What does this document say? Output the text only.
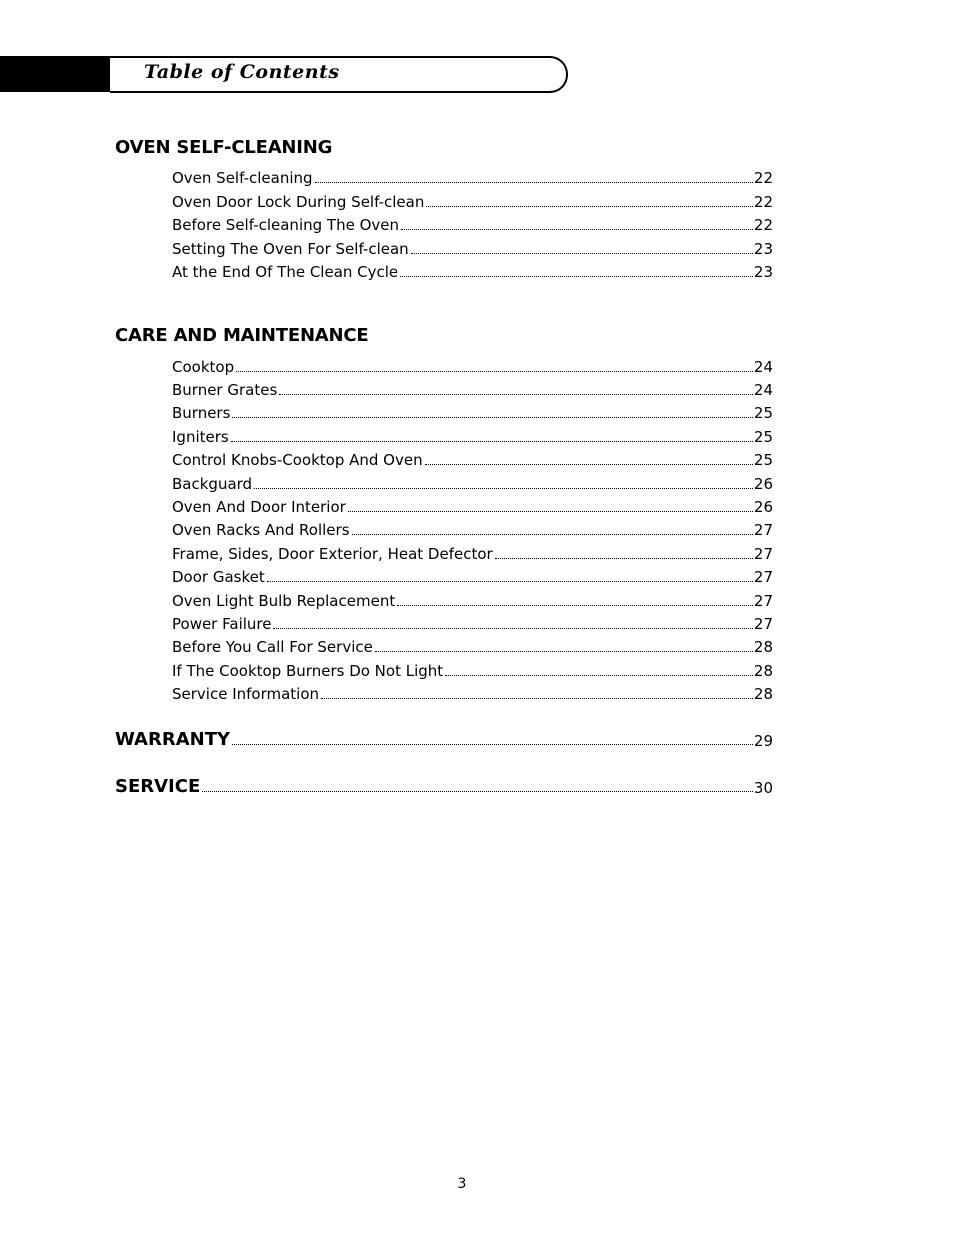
Table of Contents
OVEN SELF-CLEANING
Oven Self-cleaning	22
Oven Door Lock During Self-clean	22
Before Self-cleaning The Oven	22
Setting The Oven For Self-clean	23
At the End Of The Clean Cycle	23
CARE AND MAINTENANCE
Cooktop	24
Burner Grates	24
Burners	25
Igniters	25
Control Knobs-Cooktop And Oven	25
Backguard	26
Oven And Door Interior	26
Oven Racks And Rollers	27
Frame, Sides, Door Exterior, Heat Defector	27
Door Gasket	27
Oven Light Bulb Replacement	27
Power Failure	27
Before You Call For Service	28
If The Cooktop Burners Do Not Light	28
Service Information	28
WARRANTY	29
SERVICE	30
3
